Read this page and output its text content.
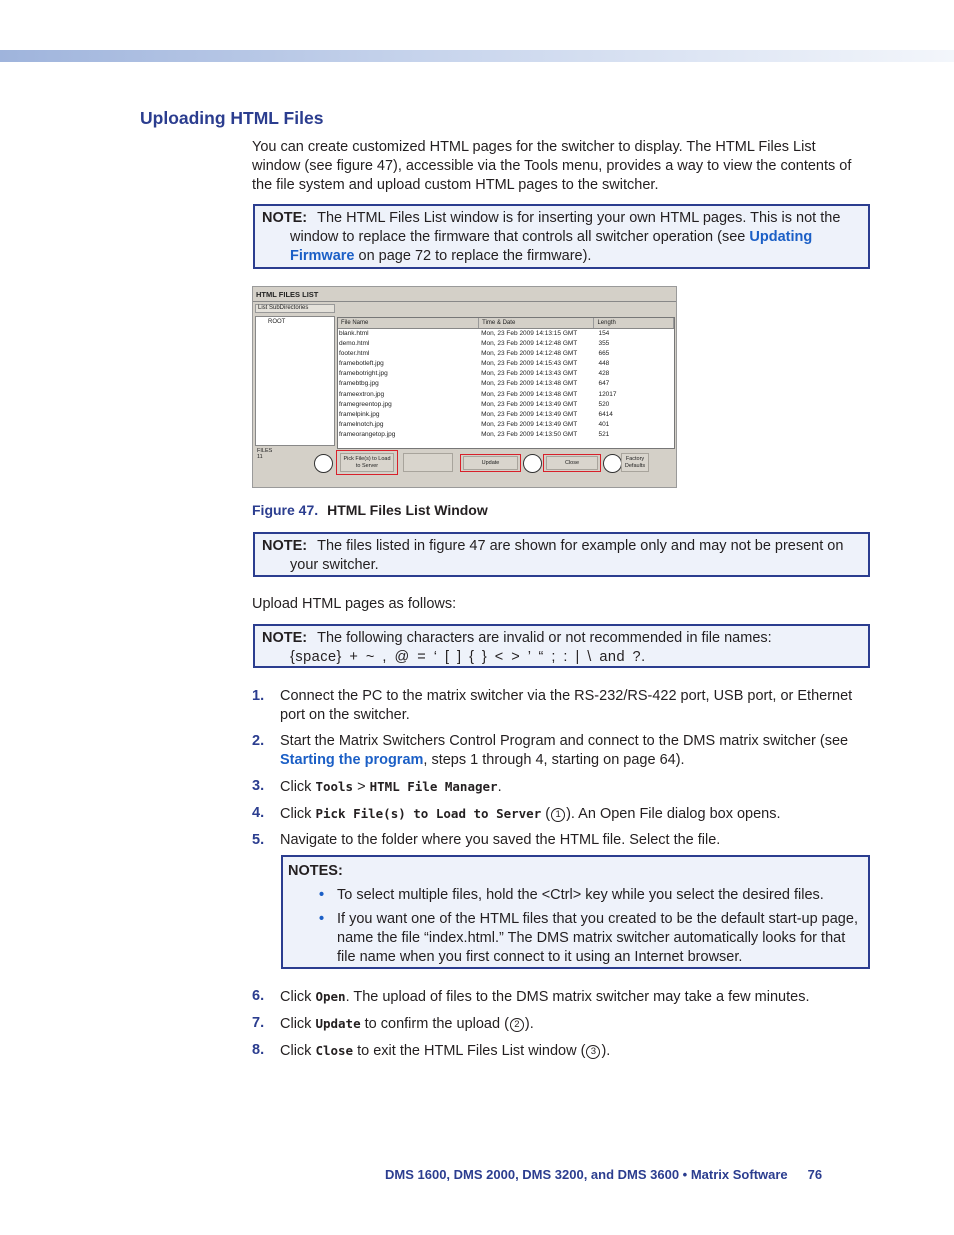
Uploading HTML Files

You can create customized HTML pages for the switcher to display. The HTML Files List window (see figure 47), accessible via the Tools menu, provides a way to view the contents of the file system and upload custom HTML pages to the switcher.

NOTE: The HTML Files List window is for inserting your own HTML pages. This is not the window to replace the firmware that controls all switcher operation (see Updating Firmware on page 72 to replace the firmware).
HTML FILES LIST
List SubDirectories
ROOT	File Name	Time & Date	Length
blank.html	Mon, 23 Feb 2009 14:13:15 GMT	154
demo.html	Mon, 23 Feb 2009 14:12:48 GMT	355
footer.html	Mon, 23 Feb 2009 14:12:48 GMT	665
framebotleft.jpg	Mon, 23 Feb 2009 14:15:43 GMT	448
framebotright.jpg	Mon, 23 Feb 2009 14:13:43 GMT	428
framebtbg.jpg	Mon, 23 Feb 2009 14:13:48 GMT	647
frameextron.jpg	Mon, 23 Feb 2009 14:13:48 GMT	12017
framegreentop.jpg	Mon, 23 Feb 2009 14:13:49 GMT	520
framelpink.jpg	Mon, 23 Feb 2009 14:13:49 GMT	6414
framelnotch.jpg	Mon, 23 Feb 2009 14:13:49 GMT	401
frameorangetop.jpg	Mon, 23 Feb 2009 14:13:50 GMT	521
FILES
11	Pick File(s) to Load to Server	Update	Close
Factory Defaults
Figure 47. HTML Files List Window
NOTE: The files listed in figure 47 are shown for example only and may not be present on your switcher.

Upload HTML pages as follows:

NOTE: The following characters are invalid or not recommended in file names:
{space} + ~ , @ = ‘ [ ] { } < > ’ “ ; : | \ and ?.
1. Connect the PC to the matrix switcher via the RS-232/RS-422 port, USB port, or Ethernet port on the switcher.
2. Start the Matrix Switchers Control Program and connect to the DMS matrix switcher (see Starting the program, steps 1 through 4, starting on page 64).
3. Click Tools > HTML File Manager.
4. Click Pick File(s) to Load to Server ( 1 ). An Open File dialog box opens.
5. Navigate to the folder where you saved the HTML file. Select the file.
NOTES:
• To select multiple files, hold the <Ctrl> key while you select the desired files.
• If you want one of the HTML files that you created to be the default start-up page, name the file “index.html.” The DMS matrix switcher automatically looks for that file name when you first connect to it using an Internet browser.
6. Click Open. The upload of files to the DMS matrix switcher may take a few minutes.
7. Click Update to confirm the upload ( 2 ).
8. Click Close to exit the HTML Files List window ( 3 ).
DMS 1600, DMS 2000, DMS 3200, and DMS 3600 • Matrix Software 76
